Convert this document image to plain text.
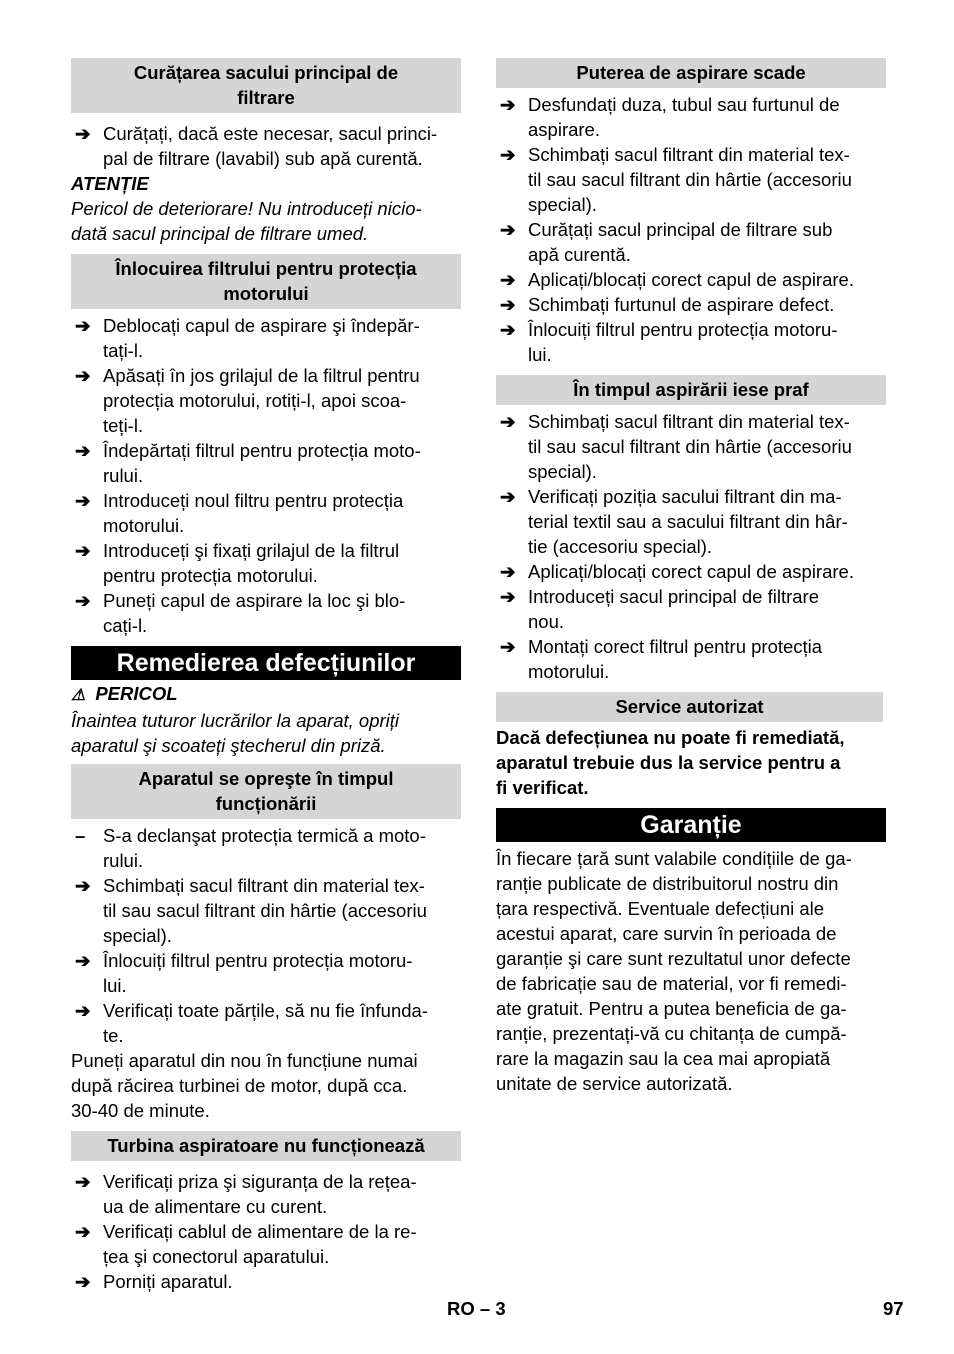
Curățarea sacului principal de
filtrare
➔ Curățați, dacă este necesar, sacul princi-
pal de filtrare (lavabil) sub apă curentă.
ATENȚIE
Pericol de deteriorare! Nu introduceți nicio-
dată sacul principal de filtrare umed.
Înlocuirea filtrului pentru protecția
motorului
➔ Deblocați capul de aspirare şi îndepăr-
tați-l.
➔ Apăsați în jos grilajul de la filtrul pentru
protecția motorului, rotiți-l, apoi scoa-
teți-l.
➔ Îndepărtați filtrul pentru protecția moto-
rului.
➔ Introduceți noul filtru pentru protecția
motorului.
➔ Introduceți şi fixați grilajul de la filtrul
pentru protecția motorului.
➔ Puneți capul de aspirare la loc şi blo-
cați-l.
Remedierea defecțiunilor
⚠ PERICOL
Înaintea tuturor lucrărilor la aparat, opriți
aparatul şi scoateți ştecherul din priză.
Aparatul se opreşte în timpul
funcționării
– S-a declanşat protecția termică a moto-
rului.
➔ Schimbați sacul filtrant din material tex-
til sau sacul filtrant din hârtie (accesoriu
special).
➔ Înlocuiți filtrul pentru protecția motoru-
lui.
➔ Verificați toate părțile, să nu fie înfunda-
te.
Puneți aparatul din nou în funcțiune numai
după răcirea turbinei de motor, după cca.
30-40 de minute.
Turbina aspiratoare nu funcționează
➔ Verificați priza şi siguranța de la rețea-
ua de alimentare cu curent.
➔ Verificați cablul de alimentare de la re-
țea şi conectorul aparatului.
➔ Porniți aparatul.
Puterea de aspirare scade
➔ Desfundați duza, tubul sau furtunul de
aspirare.
➔ Schimbați sacul filtrant din material tex-
til sau sacul filtrant din hârtie (accesoriu
special).
➔ Curățați sacul principal de filtrare sub
apă curentă.
➔ Aplicați/blocați corect capul de aspirare.
➔ Schimbați furtunul de aspirare defect.
➔ Înlocuiți filtrul pentru protecția motoru-
lui.
În timpul aspirării iese praf
➔ Schimbați sacul filtrant din material tex-
til sau sacul filtrant din hârtie (accesoriu
special).
➔ Verificați poziția sacului filtrant din ma-
terial textil sau a sacului filtrant din hâr-
tie (accesoriu special).
➔ Aplicați/blocați corect capul de aspirare.
➔ Introduceți sacul principal de filtrare
nou.
➔ Montați corect filtrul pentru protecția
motorului.
Service autorizat
Dacă defecțiunea nu poate fi remediată,
aparatul trebuie dus la service pentru a
fi verificat.
Garanție
În fiecare țară sunt valabile condițiile de ga-
ranție publicate de distribuitorul nostru din
țara respectivă. Eventuale defecțiuni ale
acestui aparat, care survin în perioada de
garanție şi care sunt rezultatul unor defecte
de fabricație sau de material, vor fi remedi-
ate gratuit. Pentru a putea beneficia de ga-
ranție, prezentați-vă cu chitanța de cumpă-
rare la magazin sau la cea mai apropiată
unitate de service autorizată.
RO – 3	97
